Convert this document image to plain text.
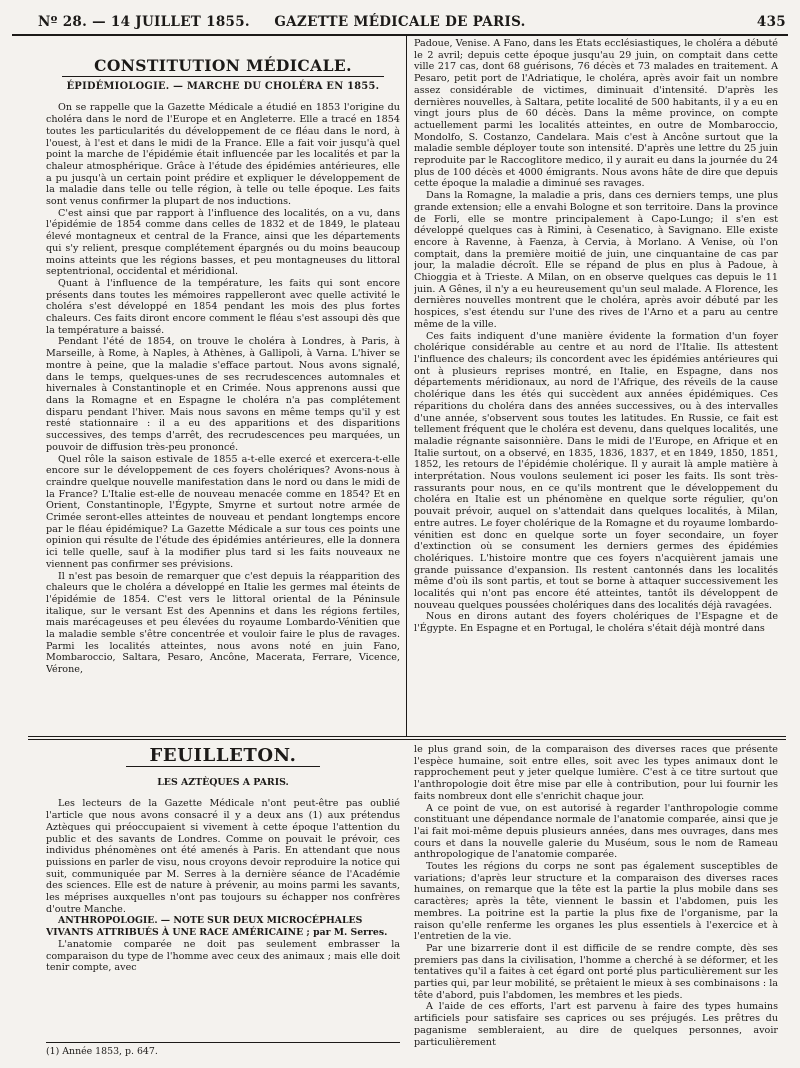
Nº 28. — 14 JUILLET 1855.	GAZETTE MÉDICALE DE PARIS.	435
CONSTITUTION MÉDICALE.
ÉPIDÉMIOLOGIE. — MARCHE DU CHOLÉRA EN 1855.

On se rappelle que la Gazette Médicale a étudié en 1853 l'origine du choléra dans le nord de l'Europe et en Angleterre. Elle a tracé en 1854 toutes les particularités du développement de ce fléau dans le nord, à l'ouest, à l'est et dans le midi de la France. Elle a fait voir jusqu'à quel point la marche de l'épidémie était influencée par les localités et par la chaleur atmosphérique. Grâce à l'étude des épidémies antérieures, elle a pu jusqu'à un certain point prédire et expliquer le développement de la maladie dans telle ou telle région, à telle ou telle époque. Les faits sont venus confirmer la plupart de nos inductions.

C'est ainsi que par rapport à l'influence des localités, on a vu, dans l'épidémie de 1854 comme dans celles de 1832 et de 1849, le plateau élevé montagneux et central de la France, ainsi que les départements qui s'y relient, presque complétement épargnés ou du moins beaucoup moins atteints que les régions basses, et peu montagneuses du littoral septentrional, occidental et méridional.

Quant à l'influence de la température, les faits qui sont encore présents dans toutes les mémoires rappelleront avec quelle activité le choléra s'est développé en 1854 pendant les mois des plus fortes chaleurs. Ces faits diront encore comment le fléau s'est assoupi dès que la température a baissé.

Pendant l'été de 1854, on trouve le choléra à Londres, à Paris, à Marseille, à Rome, à Naples, à Athènes, à Gallipoli, à Varna. L'hiver se montre à peine, que la maladie s'efface partout. Nous avons signalé, dans le temps, quelques-unes de ses recrudescences automnales et hivernales à Constantinople et en Crimée. Nous apprenons aussi que dans la Romagne et en Espagne le choléra n'a pas complétement disparu pendant l'hiver. Mais nous savons en même temps qu'il y est resté stationnaire : il a eu des apparitions et des disparitions successives, des temps d'arrêt, des recrudescences peu marquées, un pouvoir de diffusion très-peu prononcé.

Quel rôle la saison estivale de 1855 a-t-elle exercé et exercera-t-elle encore sur le développement de ces foyers cholériques? Avons-nous à craindre quelque nouvelle manifestation dans le nord ou dans le midi de la France? L'Italie est-elle de nouveau menacée comme en 1854? Et en Orient, Constantinople, l'Égypte, Smyrne et surtout notre armée de Crimée seront-elles atteintes de nouveau et pendant longtemps encore par le fléau épidémique? La Gazette Médicale a sur tous ces points une opinion qui résulte de l'étude des épidémies antérieures, elle la donnera ici telle quelle, sauf à la modifier plus tard si les faits nouveaux ne viennent pas confirmer ses prévisions.

Il n'est pas besoin de remarquer que c'est depuis la réapparition des chaleurs que le choléra a développé en Italie les germes mal éteints de l'épidémie de 1854. C'est vers le littoral oriental de la Péninsule italique, sur le versant Est des Apennins et dans les régions fertiles, mais marécageuses et peu élevées du royaume Lombardo-Vénitien que la maladie semble s'être concentrée et vouloir faire le plus de ravages. Parmi les localités atteintes, nous avons noté en juin Fano, Mombaroccio, Saltara, Pesaro, Ancône, Macerata, Ferrare, Vicence, Vérone,

Padoue, Venise. A Fano, dans les États ecclésiastiques, le choléra a débuté le 2 avril; depuis cette époque jusqu'au 29 juin, on comptait dans cette ville 217 cas, dont 68 guérisons, 76 décès et 73 malades en traitement. A Pesaro, petit port de l'Adriatique, le choléra, après avoir fait un nombre assez considérable de victimes, diminuait d'intensité. D'après les dernières nouvelles, à Saltara, petite localité de 500 habitants, il y a eu en vingt jours plus de 60 décès. Dans la même province, on compte actuellement parmi les localités atteintes, en outre de Mombaroccio, Mondolfo, S. Costanzo, Candelara. Mais c'est à Ancône surtout que la maladie semble déployer toute son intensité. D'après une lettre du 25 juin reproduite par le Raccoglitore medico, il y aurait eu dans la journée du 24 plus de 100 décès et 4000 émigrants. Nous avons hâte de dire que depuis cette époque la maladie a diminué ses ravages.

Dans la Romagne, la maladie a pris, dans ces derniers temps, une plus grande extension; elle a envahi Bologne et son territoire. Dans la province de Forli, elle se montre principalement à Capo-Lungo; il s'en est développé quelques cas à Rimini, à Cesenatico, à Savignano. Elle existe encore à Ravenne, à Faenza, à Cervia, à Morlano. A Venise, où l'on comptait, dans la première moitié de juin, une cinquantaine de cas par jour, la maladie décroît. Elle se répand de plus en plus à Padoue, à Chioggia et à Trieste. A Milan, on en observe quelques cas depuis le 11 juin. A Gênes, il n'y a eu heureusement qu'un seul malade. A Florence, les dernières nouvelles montrent que le choléra, après avoir débuté par les hospices, s'est étendu sur l'une des rives de l'Arno et a paru au centre même de la ville.

Ces faits indiquent d'une manière évidente la formation d'un foyer cholérique considérable au centre et au nord de l'Italie. Ils attestent l'influence des chaleurs; ils concordent avec les épidémies antérieures qui ont à plusieurs reprises montré, en Italie, en Espagne, dans nos départements méridionaux, au nord de l'Afrique, des réveils de la cause cholérique dans les étés qui succèdent aux années épidémiques. Ces réparitions du choléra dans des années successives, ou à des intervalles d'une année, s'observent sous toutes les latitudes. En Russie, ce fait est tellement fréquent que le choléra est devenu, dans quelques localités, une maladie régnante saisonnière. Dans le midi de l'Europe, en Afrique et en Italie surtout, on a observé, en 1835, 1836, 1837, et en 1849, 1850, 1851, 1852, les retours de l'épidémie cholérique. Il y aurait là ample matière à interprétation. Nous voulons seulement ici poser les faits. Ils sont très-rassurants pour nous, en ce qu'ils montrent que le développement du choléra en Italie est un phénomène en quelque sorte régulier, qu'on pouvait prévoir, auquel on s'attendait dans quelques localités, à Milan, entre autres. Le foyer cholérique de la Romagne et du royaume lombardo-vénitien est donc en quelque sorte un foyer secondaire, un foyer d'extinction où se consument les derniers germes des épidémies cholériques. L'histoire montre que ces foyers n'acquièrent jamais une grande puissance d'expansion. Ils restent cantonnés dans les localités même d'où ils sont partis, et tout se borne à attaquer successivement les localités qui n'ont pas encore été atteintes, tantôt ils développent de nouveau quelques poussées cholériques dans des localités déjà ravagées.

Nous en dirons autant des foyers cholériques de l'Espagne et de l'Égypte. En Espagne et en Portugal, le choléra s'était déjà montré dans

FEUILLETON.
LES AZTÈQUES A PARIS.

Les lecteurs de la Gazette Médicale n'ont peut-être pas oublié l'article que nous avons consacré il y a deux ans (1) aux prétendus Aztèques qui préoccupaient si vivement à cette époque l'attention du public et des savants de Londres. Comme on pouvait le prévoir, ces individus phénomènes ont été amenés à Paris. En attendant que nous puissions en parler de visu, nous croyons devoir reproduire la notice qui suit, communiquée par M. Serres à la dernière séance de l'Académie des sciences. Elle est de nature à prévenir, au moins parmi les savants, les méprises auxquelles n'ont pas toujours su échapper nos confrères d'outre Manche.

ANTHROPOLOGIE. — NOTE SUR DEUX MICROCÉPHALES VIVANTS ATTRIBUÉS À UNE RACE AMÉRICAINE ; par M. Serres.

L'anatomie comparée ne doit pas seulement embrasser la comparaison du type de l'homme avec ceux des animaux ; mais elle doit tenir compte, avec

le plus grand soin, de la comparaison des diverses races que présente l'espèce humaine, soit entre elles, soit avec les types animaux dont le rapprochement peut y jeter quelque lumière. C'est à ce titre surtout que l'anthropologie doit être mise par elle à contribution, pour lui fournir les faits nombreux dont elle s'enrichit chaque jour.

A ce point de vue, on est autorisé à regarder l'anthropologie comme constituant une dépendance normale de l'anatomie comparée, ainsi que je l'ai fait moi-même depuis plusieurs années, dans mes ouvrages, dans mes cours et dans la nouvelle galerie du Muséum, sous le nom de Rameau anthropologique de l'anatomie comparée.

Toutes les régions du corps ne sont pas également susceptibles de variations; d'après leur structure et la comparaison des diverses races humaines, on remarque que la tête est la partie la plus mobile dans ses caractères; après la tête, viennent le bassin et l'abdomen, puis les membres. La poitrine est la partie la plus fixe de l'organisme, par la raison qu'elle renferme les organes les plus essentiels à l'exercice et à l'entretien de la vie.

Par une bizarrerie dont il est difficile de se rendre compte, dès ses premiers pas dans la civilisation, l'homme a cherché à se déformer, et les tentatives qu'il a faites à cet égard ont porté plus particulièrement sur les parties qui, par leur mobilité, se prêtaient le mieux à ses combinaisons : la tête d'abord, puis l'abdomen, les membres et les pieds.

A l'aide de ces efforts, l'art est parvenu à faire des types humains artificiels pour satisfaire ses caprices ou ses préjugés. Les prêtres du paganisme sembleraient, au dire de quelques personnes, avoir particulièrement

(1) Année 1853, p. 647.
